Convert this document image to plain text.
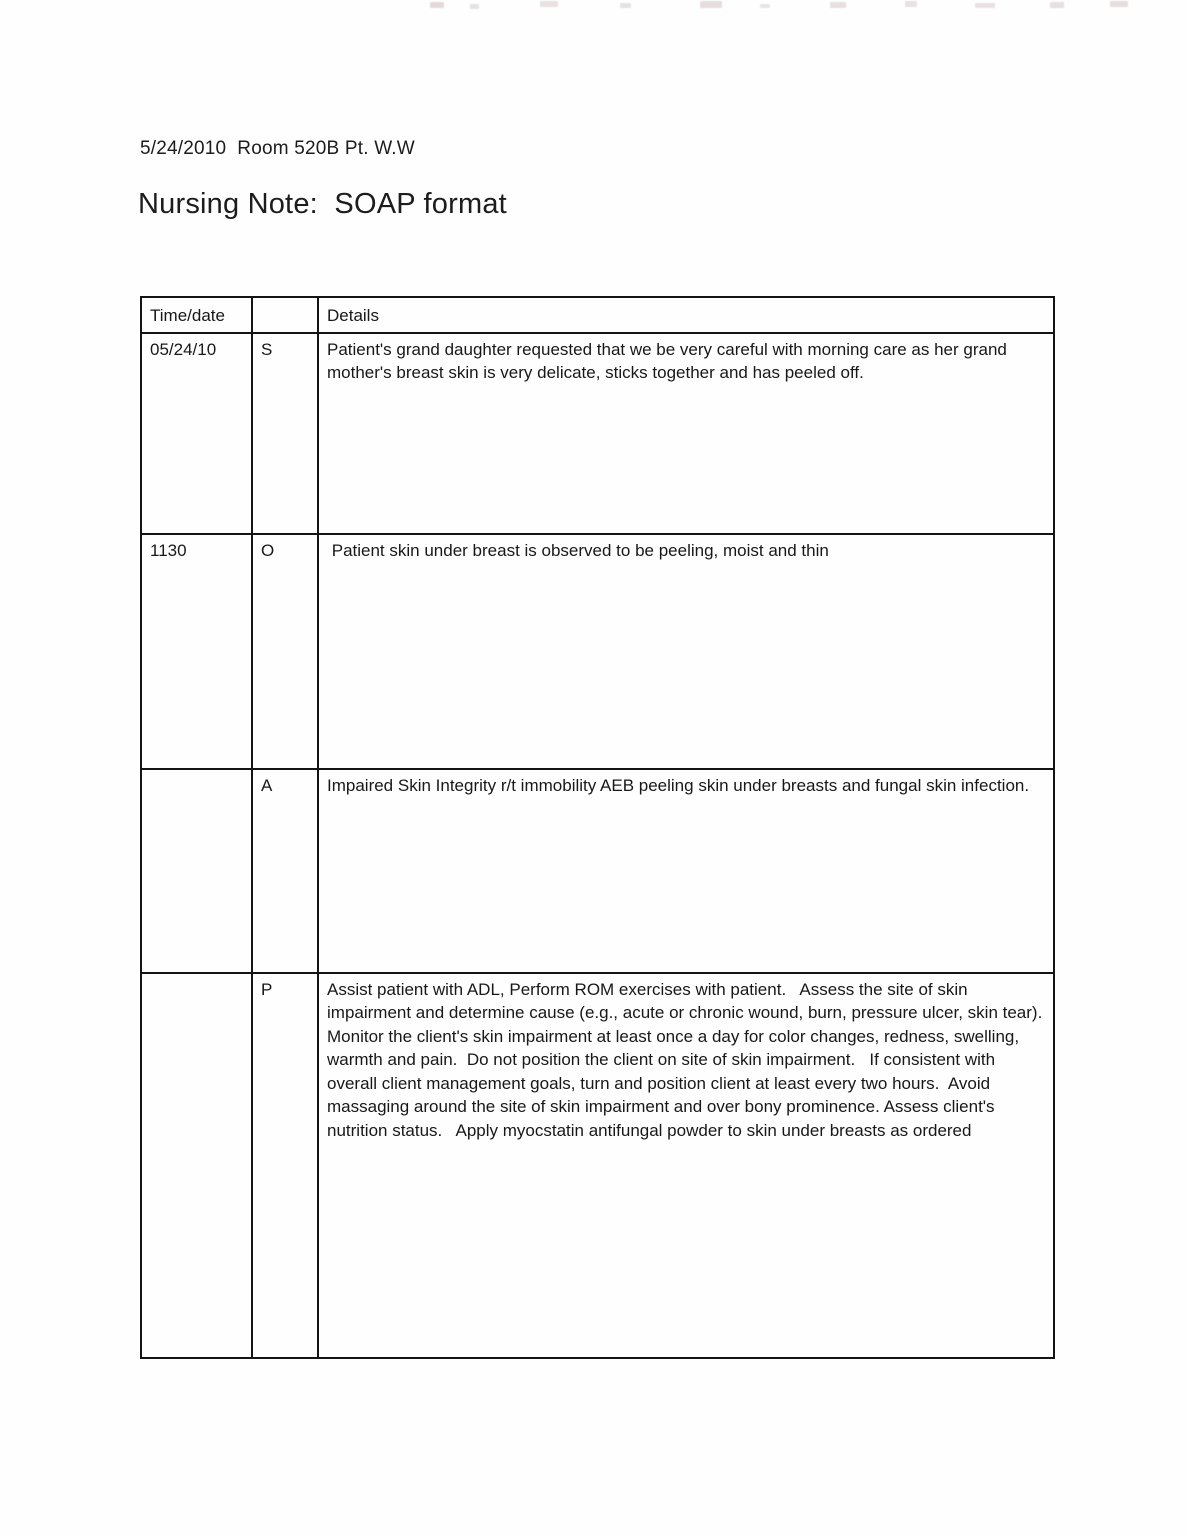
5/24/2010  Room 520B Pt. W.W
Nursing Note:  SOAP format
Time/date		Details
05/24/10	S	Patient's grand daughter requested that we be very careful with morning care as her grand mother's breast skin is very delicate, sticks together and has peeled off.
1130	O	Patient skin under breast is observed to be peeling, moist and thin
	A	Impaired Skin Integrity r/t immobility AEB peeling skin under breasts and fungal skin infection.
	P	Assist patient with ADL, Perform ROM exercises with patient.   Assess the site of skin impairment and determine cause (e.g., acute or chronic wound, burn, pressure ulcer, skin tear).  Monitor the client's skin impairment at least once a day for color changes, redness, swelling, warmth and pain.  Do not position the client on site of skin impairment.   If consistent with overall client management goals, turn and position client at least every two hours.  Avoid massaging around the site of skin impairment and over bony prominence. Assess client's nutrition status.   Apply myocstatin antifungal powder to skin under breasts as ordered
